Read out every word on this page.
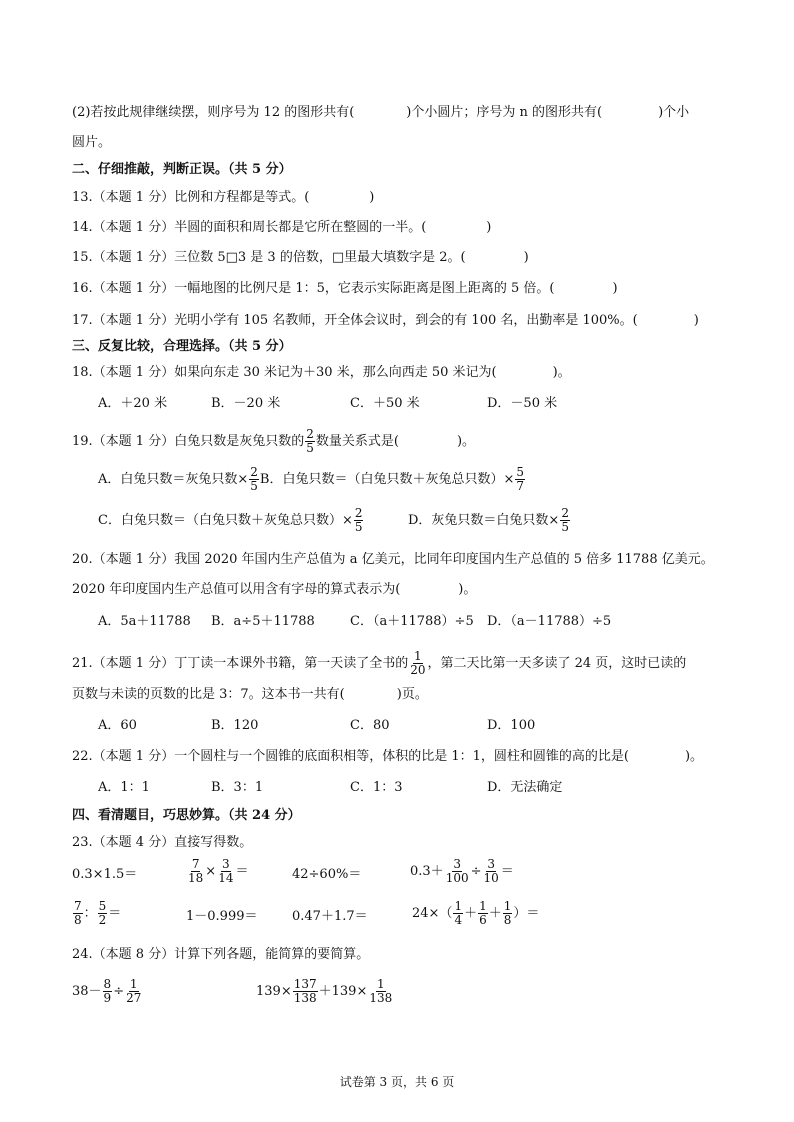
(2)若按此规律继续摆，则序号为 12 的图形共有(	)个小圆片；序号为 n 的图形共有(	)个小
圆片。
二、仔细推敲，判断正误。（共 5 分）
13.（本题 1 分）比例和方程都是等式。(	)
14.（本题 1 分）半圆的面积和周长都是它所在整圆的一半。(	)
15.（本题 1 分）三位数 5□3 是 3 的倍数，□里最大填数字是 2。(	)
16.（本题 1 分）一幅地图的比例尺是 1：5，它表示实际距离是图上距离的 5 倍。(	)
17.（本题 1 分）光明小学有 105 名教师，开全体会议时，到会的有 100 名，出勤率是 100%。(	)
三、反复比较，合理选择。（共 5 分）
18.（本题 1 分）如果向东走 30 米记为＋30 米，那么向西走 50 米记为(	)。
A．＋20 米	B．－20 米	C．＋50 米	D．－50 米
19.（本题 1 分）白兔只数是灰兔只数的 $\frac{2}{5}$ 数量关系式是(	)。
A．白兔只数＝灰兔只数× $\frac{2}{5}$ B．白兔只数＝（白兔只数＋灰兔总只数）× $\frac{5}{7}$
C．白兔只数＝（白兔只数＋灰兔总只数）× $\frac{2}{5}$	D．灰兔只数＝白兔只数× $\frac{2}{5}$
20.（本题 1 分）我国 2020 年国内生产总值为 a 亿美元，比同年印度国内生产总值的 5 倍多 11788 亿美元。
2020 年印度国内生产总值可以用含有字母的算式表示为(	)。
A．5a＋11788 B．a÷5＋11788	C．（a＋11788）÷5 D．（a－11788）÷5
21.（本题 1 分）丁丁读一本课外书籍，第一天读了全书的 $\frac{1}{20}$ ，第二天比第一天多读了 24 页，这时已读的
页数与未读的页数的比是 3：7。这本书一共有(	)页。
A．60	B．120	C．80	D．100
22.（本题 1 分）一个圆柱与一个圆锥的底面积相等，体积的比是 1：1，圆柱和圆锥的高的比是(	)。
A．1：1	B．3：1	C．1：3	D．无法确定
四、看清题目，巧思妙算。（共 24 分）
23.（本题 4 分）直接写得数。
0.3×1.5＝	$\frac{7}{18} \times \frac{3}{14}$ ＝	42÷60%＝	$0.3+ \frac{3}{100} \div \frac{3}{10}$ ＝
$\frac{7}{8}$ ： $\frac{5}{2}$ ＝	1－0.999＝	0.47＋1.7＝	$24\times( \frac{1}{4} + \frac{1}{6} + \frac{1}{8}$ ）＝
24.（本题 8 分）计算下列各题，能简算的要简算。
$38- \frac{8}{9} \div \frac{1}{27}$	$139\times \frac{137}{138} +139\times \frac{1}{138}$
试卷第 3 页，共 6 页
